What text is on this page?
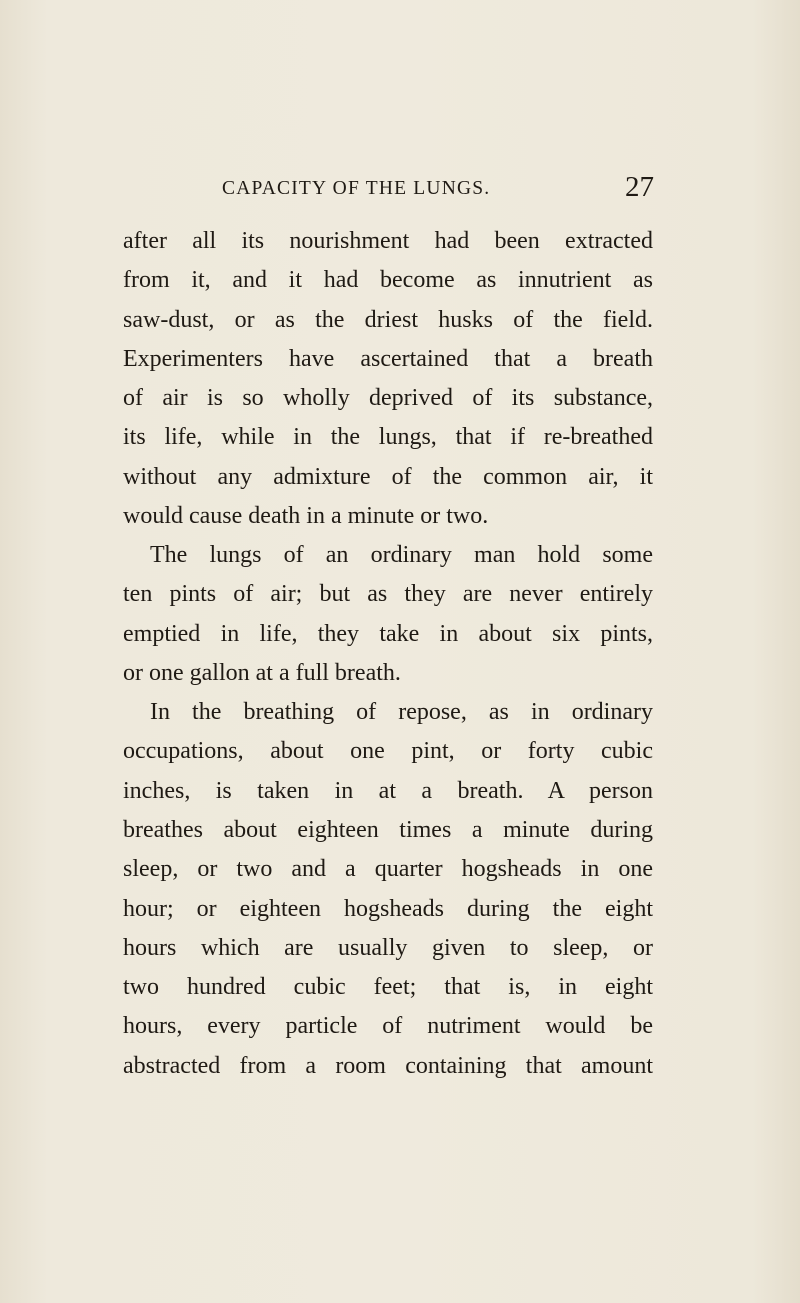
CAPACITY OF THE LUNGS.	27
after all its nourishment had been extracted
from it, and it had become as innutrient as
saw-dust, or as the driest husks of the field.
Experimenters have ascertained that a breath
of air is so wholly deprived of its substance,
its life, while in the lungs, that if re-breathed
without any admixture of the common air, it
would cause death in a minute or two.
The lungs of an ordinary man hold some
ten pints of air; but as they are never entirely
emptied in life, they take in about six pints,
or one gallon at a full breath.
In the breathing of repose, as in ordinary
occupations, about one pint, or forty cubic
inches, is taken in at a breath. A person
breathes about eighteen times a minute during
sleep, or two and a quarter hogsheads in one
hour; or eighteen hogsheads during the eight
hours which are usually given to sleep, or
two hundred cubic feet; that is, in eight
hours, every particle of nutriment would be
abstracted from a room containing that amount
